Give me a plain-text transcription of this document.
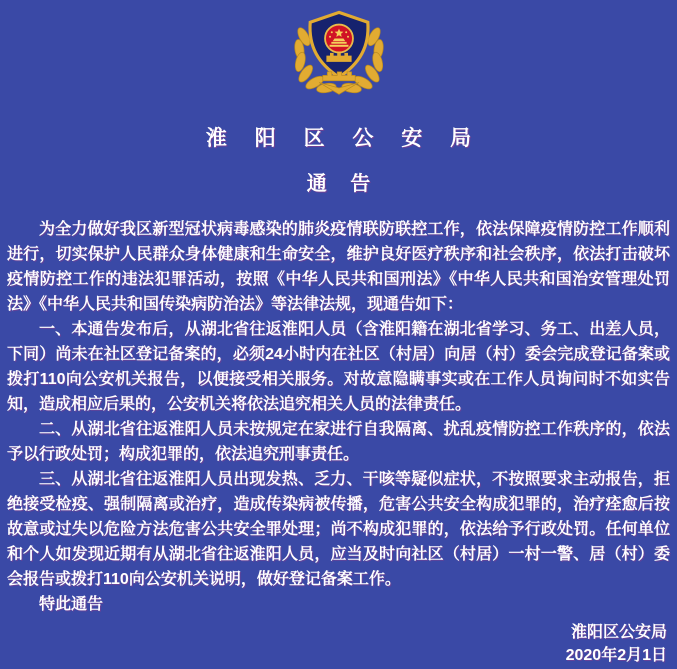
淮 阳 区 公 安 局
通 告

为全力做好我区新型冠状病毒感染的肺炎疫情联防联控工作，依法保障疫情防控工作顺利进行，切实保护人民群众身体健康和生命安全，维护良好医疗秩序和社会秩序，依法打击破坏疫情防控工作的违法犯罪活动，按照《中华人民共和国刑法》《中华人民共和国治安管理处罚法》《中华人民共和国传染病防治法》等法律法规，现通告如下：

一、本通告发布后，从湖北省往返淮阳人员（含淮阳籍在湖北省学习、务工、出差人员，下同）尚未在社区登记备案的，必须24小时内在社区（村居）向居（村）委会完成登记备案或拨打110向公安机关报告，以便接受相关服务。对故意隐瞒事实或在工作人员询问时不如实告知，造成相应后果的，公安机关将依法追究相关人员的法律责任。

二、从湖北省往返淮阳人员未按规定在家进行自我隔离、扰乱疫情防控工作秩序的，依法予以行政处罚；构成犯罪的，依法追究刑事责任。

三、从湖北省往返淮阳人员出现发热、乏力、干咳等疑似症状，不按照要求主动报告，拒绝接受检疫、强制隔离或治疗，造成传染病被传播，危害公共安全构成犯罪的，治疗痊愈后按故意或过失以危险方法危害公共安全罪处理；尚不构成犯罪的，依法给予行政处罚。任何单位和个人如发现近期有从湖北省往返淮阳人员，应当及时向社区（村居）一村一警、居（村）委会报告或拨打110向公安机关说明，做好登记备案工作。

特此通告

淮阳区公安局
2020年2月1日
